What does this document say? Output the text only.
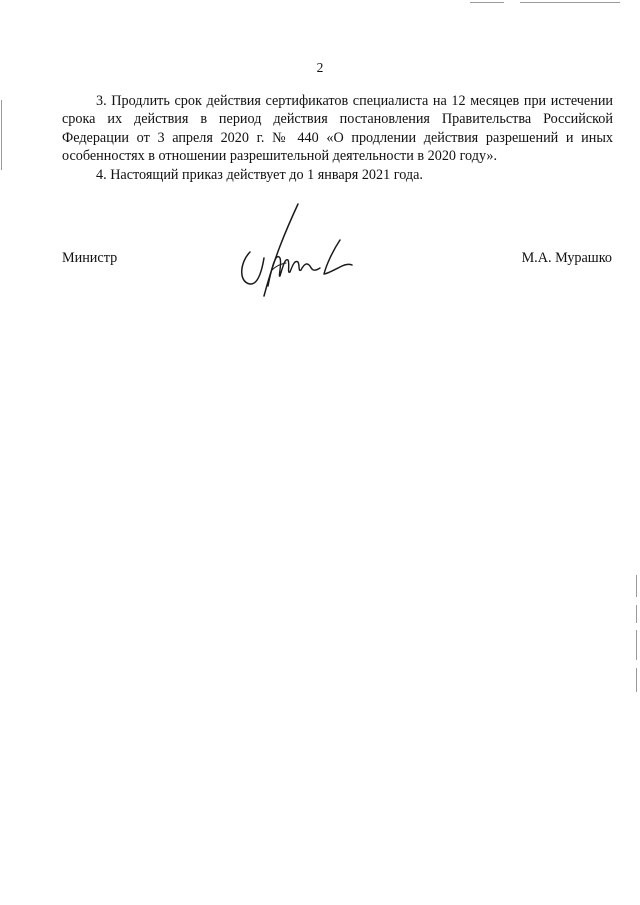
2

3. Продлить срок действия сертификатов специалиста на 12 месяцев при истечении срока их действия в период действия постановления Правительства Российской Федерации от 3 апреля 2020 г. № 440 «О продлении действия разрешений и иных особенностях в отношении разрешительной деятельности в 2020 году».

4. Настоящий приказ действует до 1 января 2021 года.

Министр	М.А. Мурашко
